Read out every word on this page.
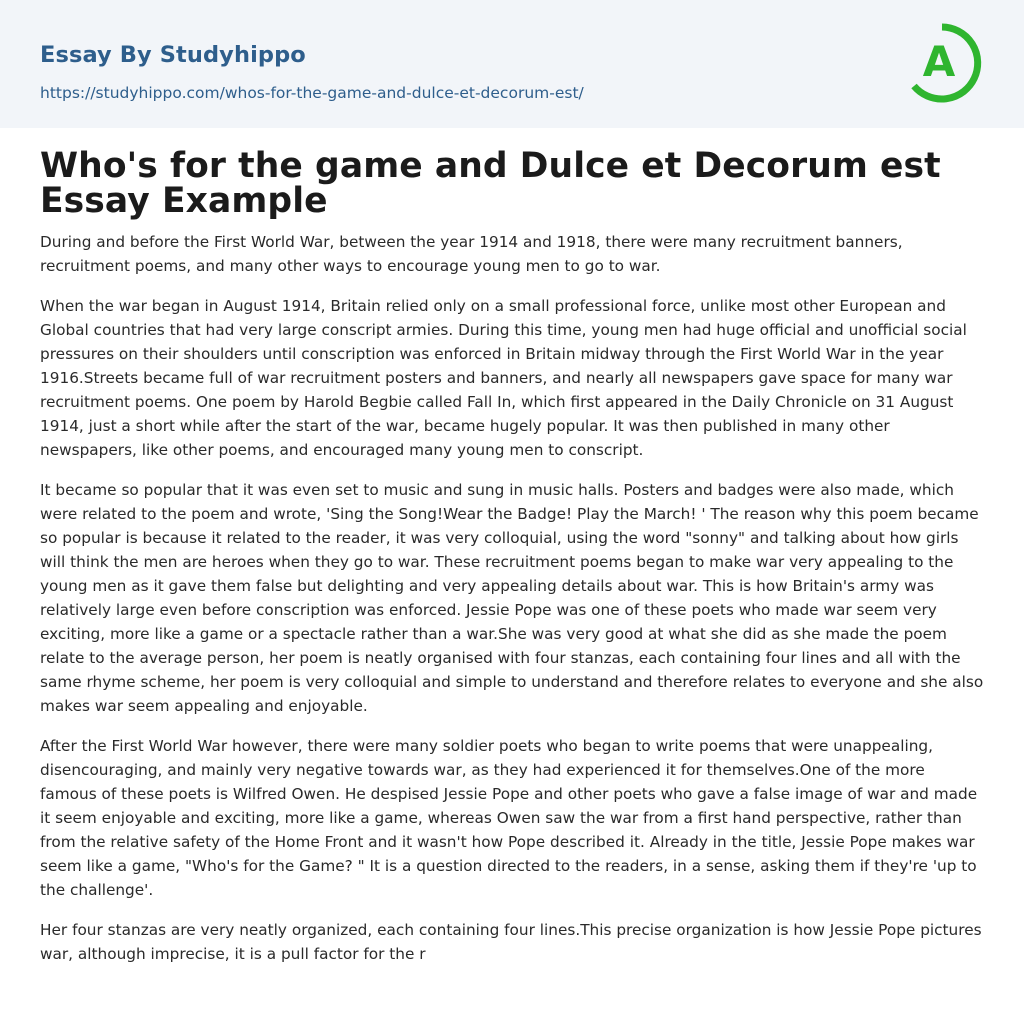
Essay By Studyhippo
https://studyhippo.com/whos-for-the-game-and-dulce-et-decorum-est/
A
Who's for the game and Dulce et Decorum est Essay Example

During and before the First World War, between the year 1914 and 1918, there were many recruitment banners, recruitment poems, and many other ways to encourage young men to go to war.

When the war began in August 1914, Britain relied only on a small professional force, unlike most other European and Global countries that had very large conscript armies. During this time, young men had huge official and unofficial social pressures on their shoulders until conscription was enforced in Britain midway through the First World War in the year 1916.Streets became full of war recruitment posters and banners, and nearly all newspapers gave space for many war recruitment poems. One poem by Harold Begbie called Fall In, which first appeared in the Daily Chronicle on 31 August 1914, just a short while after the start of the war, became hugely popular. It was then published in many other newspapers, like other poems, and encouraged many young men to conscript.

It became so popular that it was even set to music and sung in music halls. Posters and badges were also made, which were related to the poem and wrote, 'Sing the Song!Wear the Badge! Play the March! ' The reason why this poem became so popular is because it related to the reader, it was very colloquial, using the word "sonny" and talking about how girls will think the men are heroes when they go to war. These recruitment poems began to make war very appealing to the young men as it gave them false but delighting and very appealing details about war. This is how Britain's army was relatively large even before conscription was enforced. Jessie Pope was one of these poets who made war seem very exciting, more like a game or a spectacle rather than a war.She was very good at what she did as she made the poem relate to the average person, her poem is neatly organised with four stanzas, each containing four lines and all with the same rhyme scheme, her poem is very colloquial and simple to understand and therefore relates to everyone and she also makes war seem appealing and enjoyable.

After the First World War however, there were many soldier poets who began to write poems that were unappealing, disencouraging, and mainly very negative towards war, as they had experienced it for themselves.One of the more famous of these poets is Wilfred Owen. He despised Jessie Pope and other poets who gave a false image of war and made it seem enjoyable and exciting, more like a game, whereas Owen saw the war from a first hand perspective, rather than from the relative safety of the Home Front and it wasn't how Pope described it. Already in the title, Jessie Pope makes war seem like a game, "Who's for the Game? " It is a question directed to the readers, in a sense, asking them if they're 'up to the challenge'.

Her four stanzas are very neatly organized, each containing four lines.This precise organization is how Jessie Pope pictures war, although imprecise, it is a pull factor for the r
